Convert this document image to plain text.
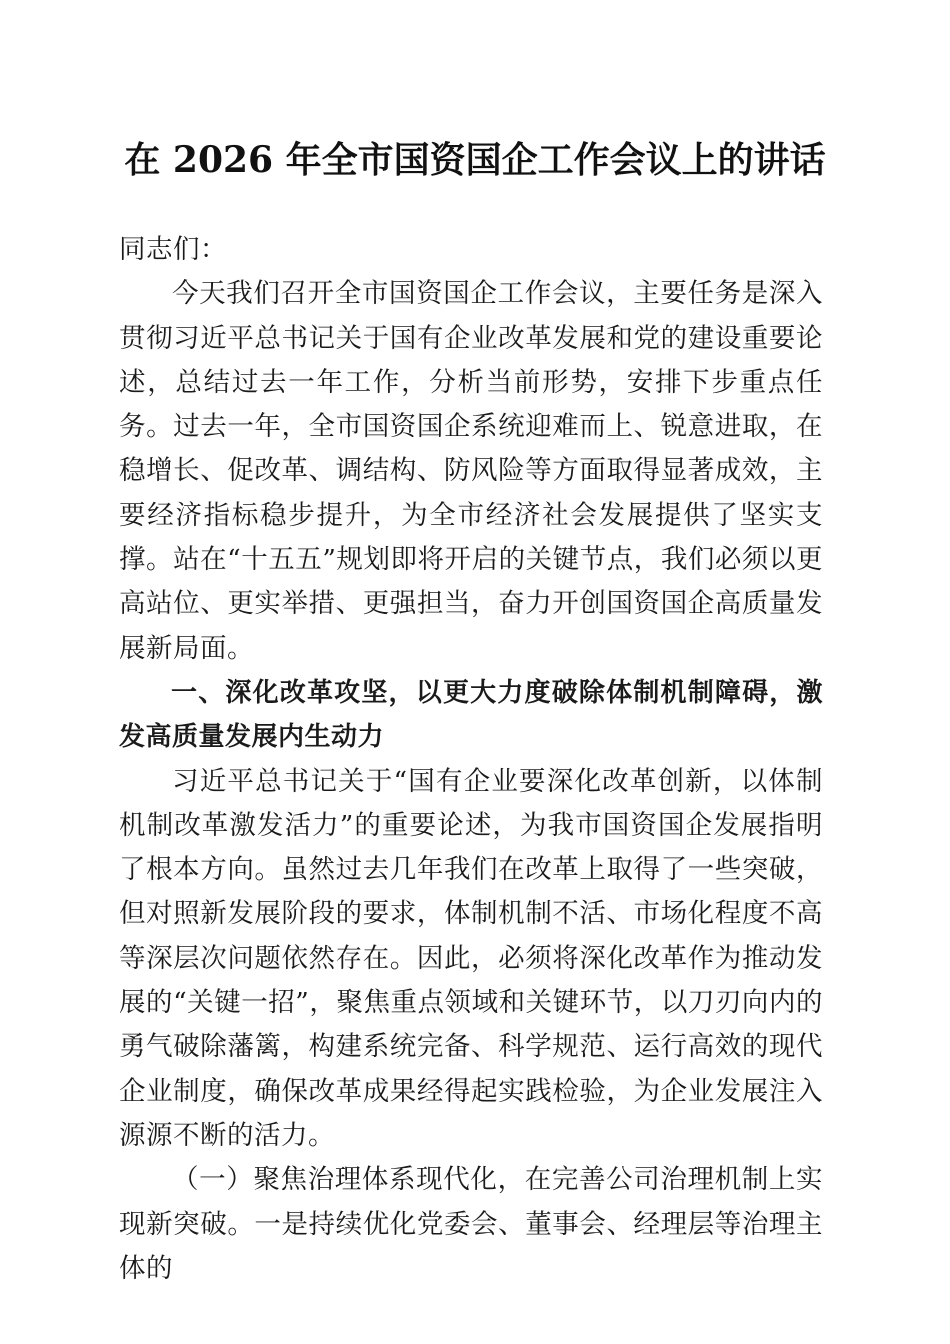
在 2026 年全市国资国企工作会议上的讲话

同志们：

今天我们召开全市国资国企工作会议，主要任务是深入贯彻习近平总书记关于国有企业改革发展和党的建设重要论述，总结过去一年工作，分析当前形势，安排下步重点任务。过去一年，全市国资国企系统迎难而上、锐意进取，在稳增长、促改革、调结构、防风险等方面取得显著成效，主要经济指标稳步提升，为全市经济社会发展提供了坚实支撑。站在“十五五”规划即将开启的关键节点，我们必须以更高站位、更实举措、更强担当，奋力开创国资国企高质量发展新局面。

一、深化改革攻坚，以更大力度破除体制机制障碍，激发高质量发展内生动力

习近平总书记关于“国有企业要深化改革创新，以体制机制改革激发活力”的重要论述，为我市国资国企发展指明了根本方向。虽然过去几年我们在改革上取得了一些突破，但对照新发展阶段的要求，体制机制不活、市场化程度不高等深层次问题依然存在。因此，必须将深化改革作为推动发展的“关键一招”，聚焦重点领域和关键环节，以刀刃向内的勇气破除藩篱，构建系统完备、科学规范、运行高效的现代企业制度，确保改革成果经得起实践检验，为企业发展注入源源不断的活力。

（一）聚焦治理体系现代化，在完善公司治理机制上实现新突破。一是持续优化党委会、董事会、经理层等治理主体的
